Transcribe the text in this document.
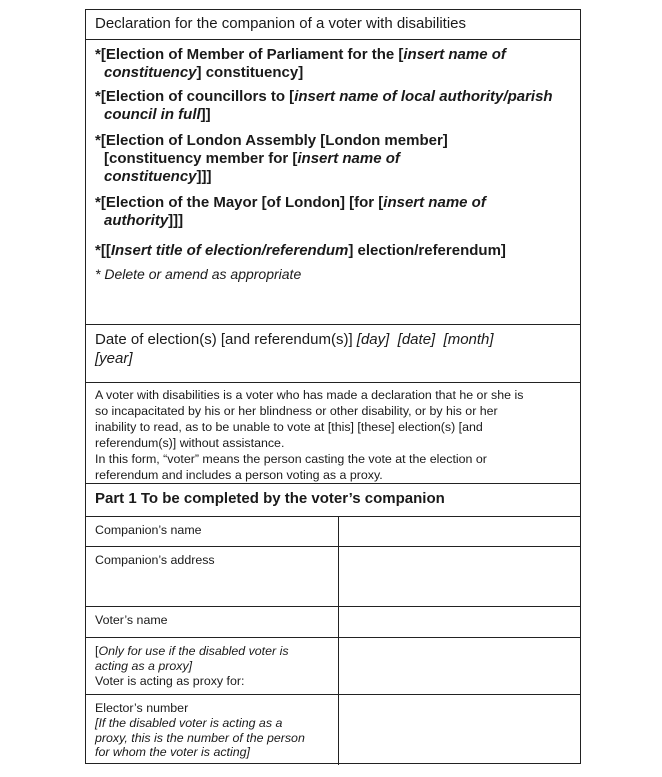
Declaration for the companion of a voter with disabilities
*[Election of Member of Parliament for the [insert name of
constituency] constituency]
*[Election of councillors to [insert name of local authority/parish
council in full]]
*[Election of London Assembly [London member]
[constituency member for [insert name of
constituency]]]
*[Election of the Mayor [of London] [for [insert name of
authority]]]
*[[Insert title of election/referendum] election/referendum]
* Delete or amend as appropriate
Date of election(s) [and referendum(s)] [day] [date] [month]
[year]
A voter with disabilities is a voter who has made a declaration that he or she is
so incapacitated by his or her blindness or other disability, or by his or her
inability to read, as to be unable to vote at [this] [these] election(s) [and
referendum(s)] without assistance.
In this form, “voter” means the person casting the vote at the election or
referendum and includes a person voting as a proxy.
Part 1 To be completed by the voter’s companion
Companion’s name
Companion’s address
Voter’s name
[Only for use if the disabled voter is
acting as a proxy]
Voter is acting as proxy for:
Elector’s number
[If the disabled voter is acting as a
proxy, this is the number of the person
for whom the voter is acting]
